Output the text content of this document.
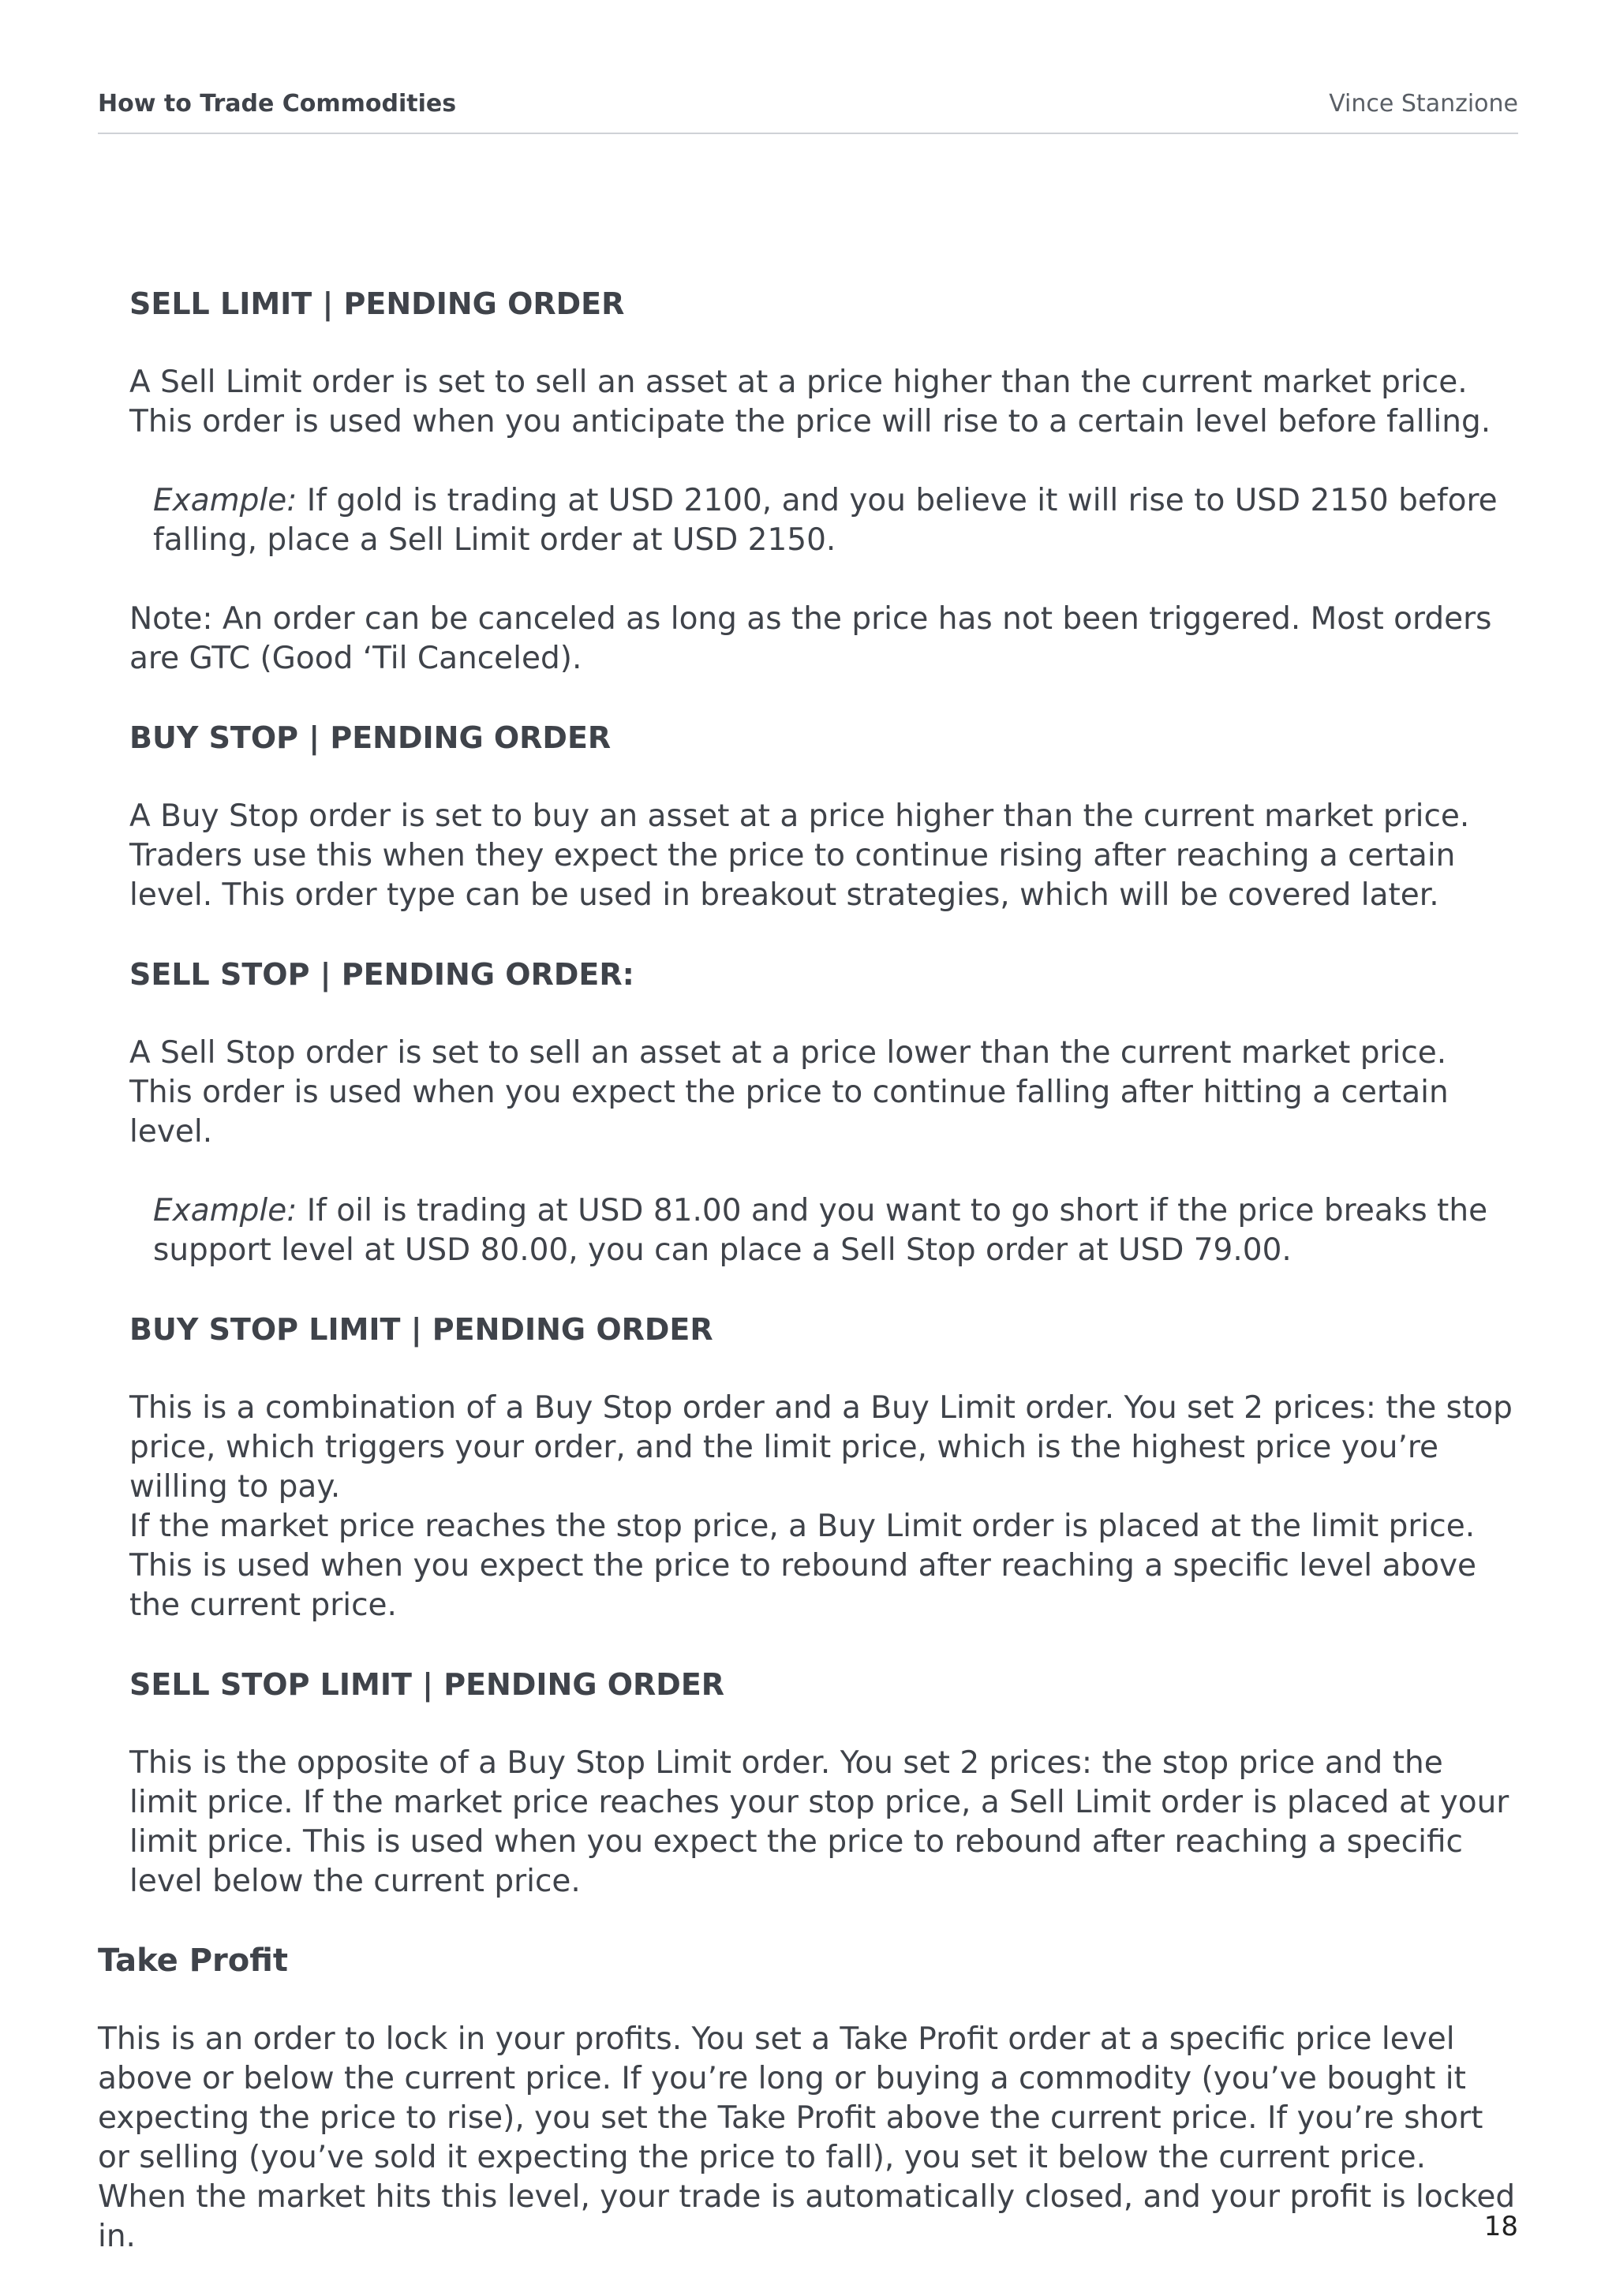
How to Trade Commodities	Vince Stanzione
SELL LIMIT | PENDING ORDER
A Sell Limit order is set to sell an asset at a price higher than the current market price. This order is used when you anticipate the price will rise to a certain level before falling.
Example: If gold is trading at USD 2100, and you believe it will rise to USD 2150 before falling, place a Sell Limit order at USD 2150.
Note: An order can be canceled as long as the price has not been triggered. Most orders are GTC (Good ‘Til Canceled).
BUY STOP | PENDING ORDER
A Buy Stop order is set to buy an asset at a price higher than the current market price. Traders use this when they expect the price to continue rising after reaching a certain level. This order type can be used in breakout strategies, which will be covered later.
SELL STOP | PENDING ORDER:
A Sell Stop order is set to sell an asset at a price lower than the current market price. This order is used when you expect the price to continue falling after hitting a certain level.
Example: If oil is trading at USD 81.00 and you want to go short if the price breaks the support level at USD 80.00, you can place a Sell Stop order at USD 79.00.
BUY STOP LIMIT | PENDING ORDER
This is a combination of a Buy Stop order and a Buy Limit order. You set 2 prices: the stop price, which triggers your order, and the limit price, which is the highest price you’re willing to pay.
If the market price reaches the stop price, a Buy Limit order is placed at the limit price. This is used when you expect the price to rebound after reaching a specific level above the current price.
SELL STOP LIMIT | PENDING ORDER
This is the opposite of a Buy Stop Limit order. You set 2 prices: the stop price and the limit price. If the market price reaches your stop price, a Sell Limit order is placed at your limit price. This is used when you expect the price to rebound after reaching a specific level below the current price.
Take Profit
This is an order to lock in your profits. You set a Take Profit order at a specific price level above or below the current price. If you’re long or buying a commodity (you’ve bought it expecting the price to rise), you set the Take Profit above the current price. If you’re short or selling (you’ve sold it expecting the price to fall), you set it below the current price. When the market hits this level, your trade is automatically closed, and your profit is locked in.	18
